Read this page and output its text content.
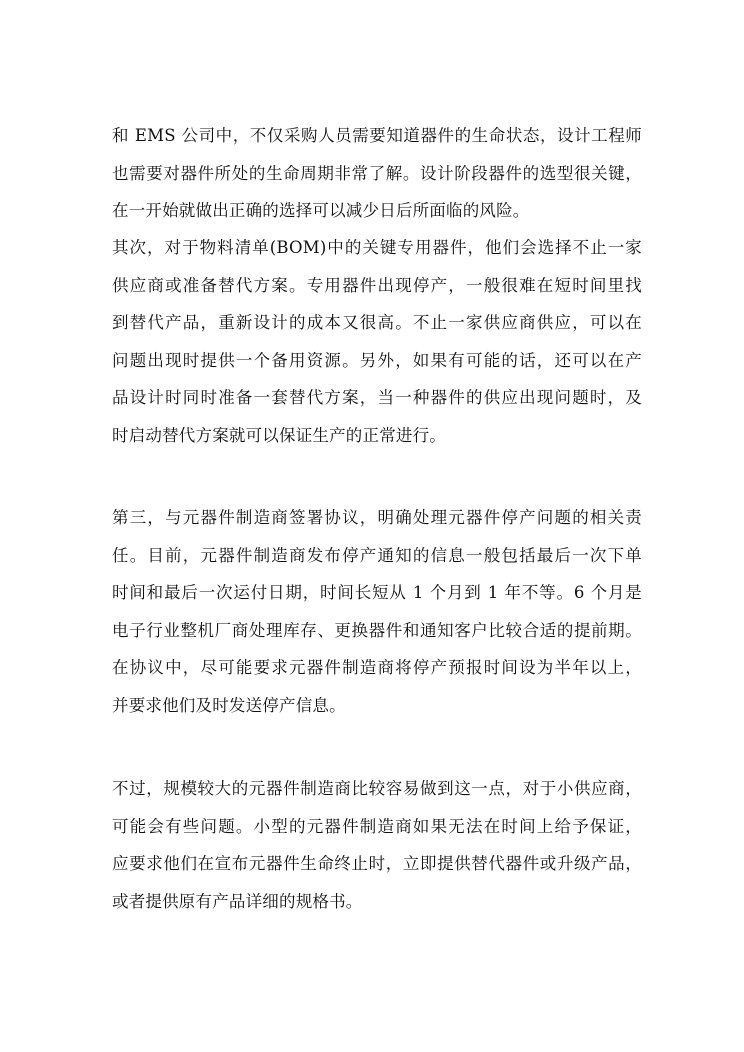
和 EMS 公司中，不仅采购人员需要知道器件的生命状态，设计工程师
也需要对器件所处的生命周期非常了解。设计阶段器件的选型很关键，
在一开始就做出正确的选择可以减少日后所面临的风险。
其次，对于物料清单(BOM)中的关键专用器件，他们会选择不止一家
供应商或准备替代方案。专用器件出现停产，一般很难在短时间里找
到替代产品，重新设计的成本又很高。不止一家供应商供应，可以在
问题出现时提供一个备用资源。另外，如果有可能的话，还可以在产
品设计时同时准备一套替代方案，当一种器件的供应出现问题时，及
时启动替代方案就可以保证生产的正常进行。
第三，与元器件制造商签署协议，明确处理元器件停产问题的相关责
任。目前，元器件制造商发布停产通知的信息一般包括最后一次下单
时间和最后一次运付日期，时间长短从 1 个月到 1 年不等。6 个月是
电子行业整机厂商处理库存、更换器件和通知客户比较合适的提前期。
在协议中，尽可能要求元器件制造商将停产预报时间设为半年以上，
并要求他们及时发送停产信息。
不过，规模较大的元器件制造商比较容易做到这一点，对于小供应商，
可能会有些问题。小型的元器件制造商如果无法在时间上给予保证，
应要求他们在宣布元器件生命终止时，立即提供替代器件或升级产品，
或者提供原有产品详细的规格书。
